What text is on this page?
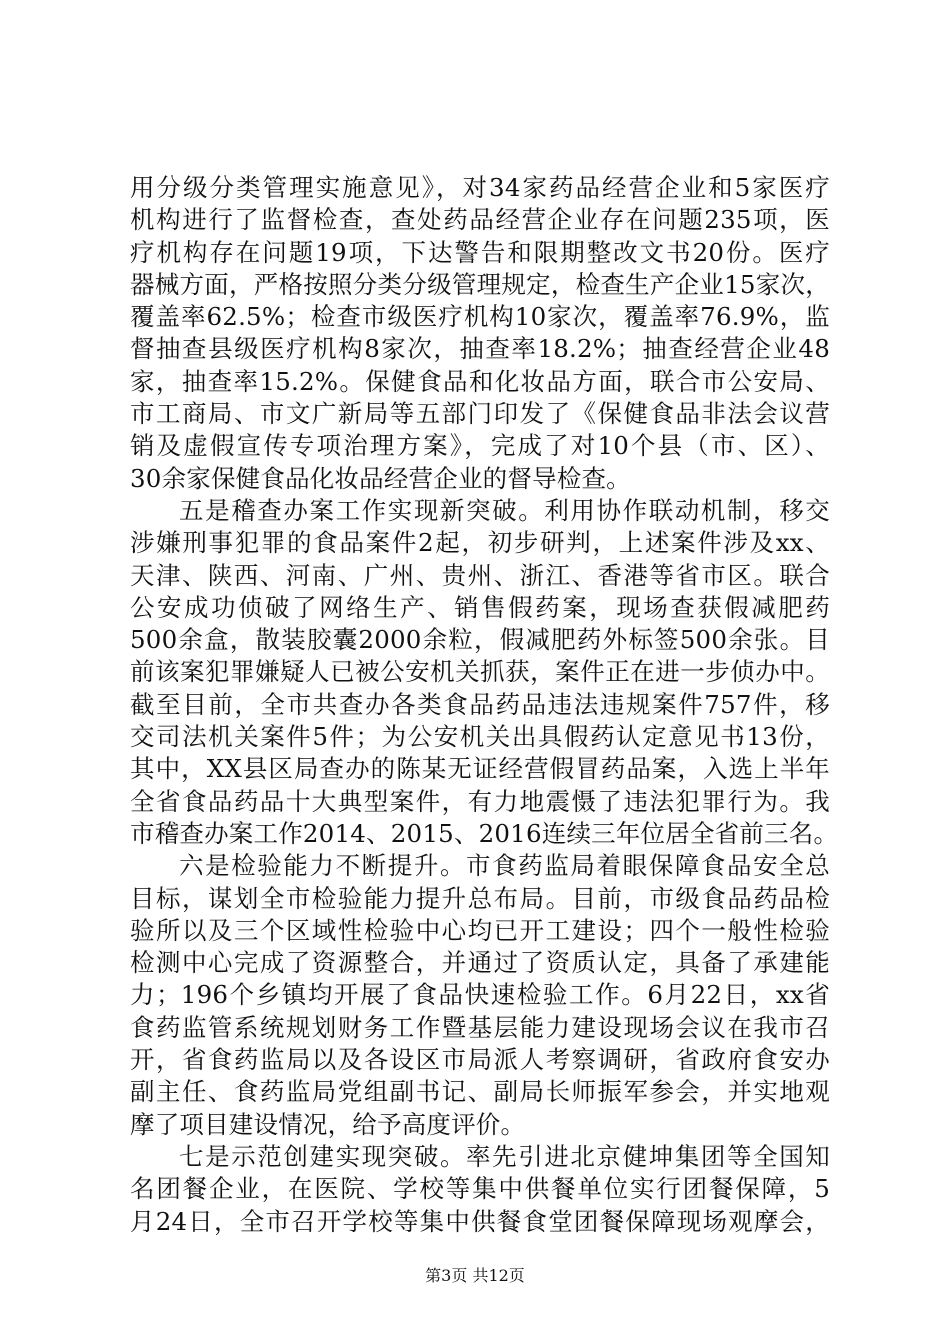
用分级分类管理实施意见》，对34家药品经营企业和5家医疗
机构进行了监督检查，查处药品经营企业存在问题235项，医
疗机构存在问题19项，下达警告和限期整改文书20份。医疗
器械方面，严格按照分类分级管理规定，检查生产企业15家次，
覆盖率62.5%；检查市级医疗机构10家次，覆盖率76.9%，监
督抽查县级医疗机构8家次，抽查率18.2%；抽查经营企业48
家，抽查率15.2%。保健食品和化妆品方面，联合市公安局、
市工商局、市文广新局等五部门印发了《保健食品非法会议营
销及虚假宣传专项治理方案》，完成了对10个县（市、区）、
30余家保健食品化妆品经营企业的督导检查。
五是稽查办案工作实现新突破。利用协作联动机制，移交
涉嫌刑事犯罪的食品案件2起，初步研判，上述案件涉及xx、
天津、陕西、河南、广州、贵州、浙江、香港等省市区。联合
公安成功侦破了网络生产、销售假药案，现场查获假减肥药
500余盒，散装胶囊2000余粒，假减肥药外标签500余张。目
前该案犯罪嫌疑人已被公安机关抓获，案件正在进一步侦办中。
截至目前，全市共查办各类食品药品违法违规案件757件，移
交司法机关案件5件；为公安机关出具假药认定意见书13份，
其中，XX县区局查办的陈某无证经营假冒药品案，入选上半年
全省食品药品十大典型案件，有力地震慑了违法犯罪行为。我
市稽查办案工作2014、2015、2016连续三年位居全省前三名。
六是检验能力不断提升。市食药监局着眼保障食品安全总
目标，谋划全市检验能力提升总布局。目前，市级食品药品检
验所以及三个区域性检验中心均已开工建设；四个一般性检验
检测中心完成了资源整合，并通过了资质认定，具备了承建能
力；196个乡镇均开展了食品快速检验工作。6月22日，xx省
食药监管系统规划财务工作暨基层能力建设现场会议在我市召
开，省食药监局以及各设区市局派人考察调研，省政府食安办
副主任、食药监局党组副书记、副局长师振军参会，并实地观
摩了项目建设情况，给予高度评价。
七是示范创建实现突破。率先引进北京健坤集团等全国知
名团餐企业，在医院、学校等集中供餐单位实行团餐保障，5
月24日，全市召开学校等集中供餐食堂团餐保障现场观摩会，
第3页 共12页
